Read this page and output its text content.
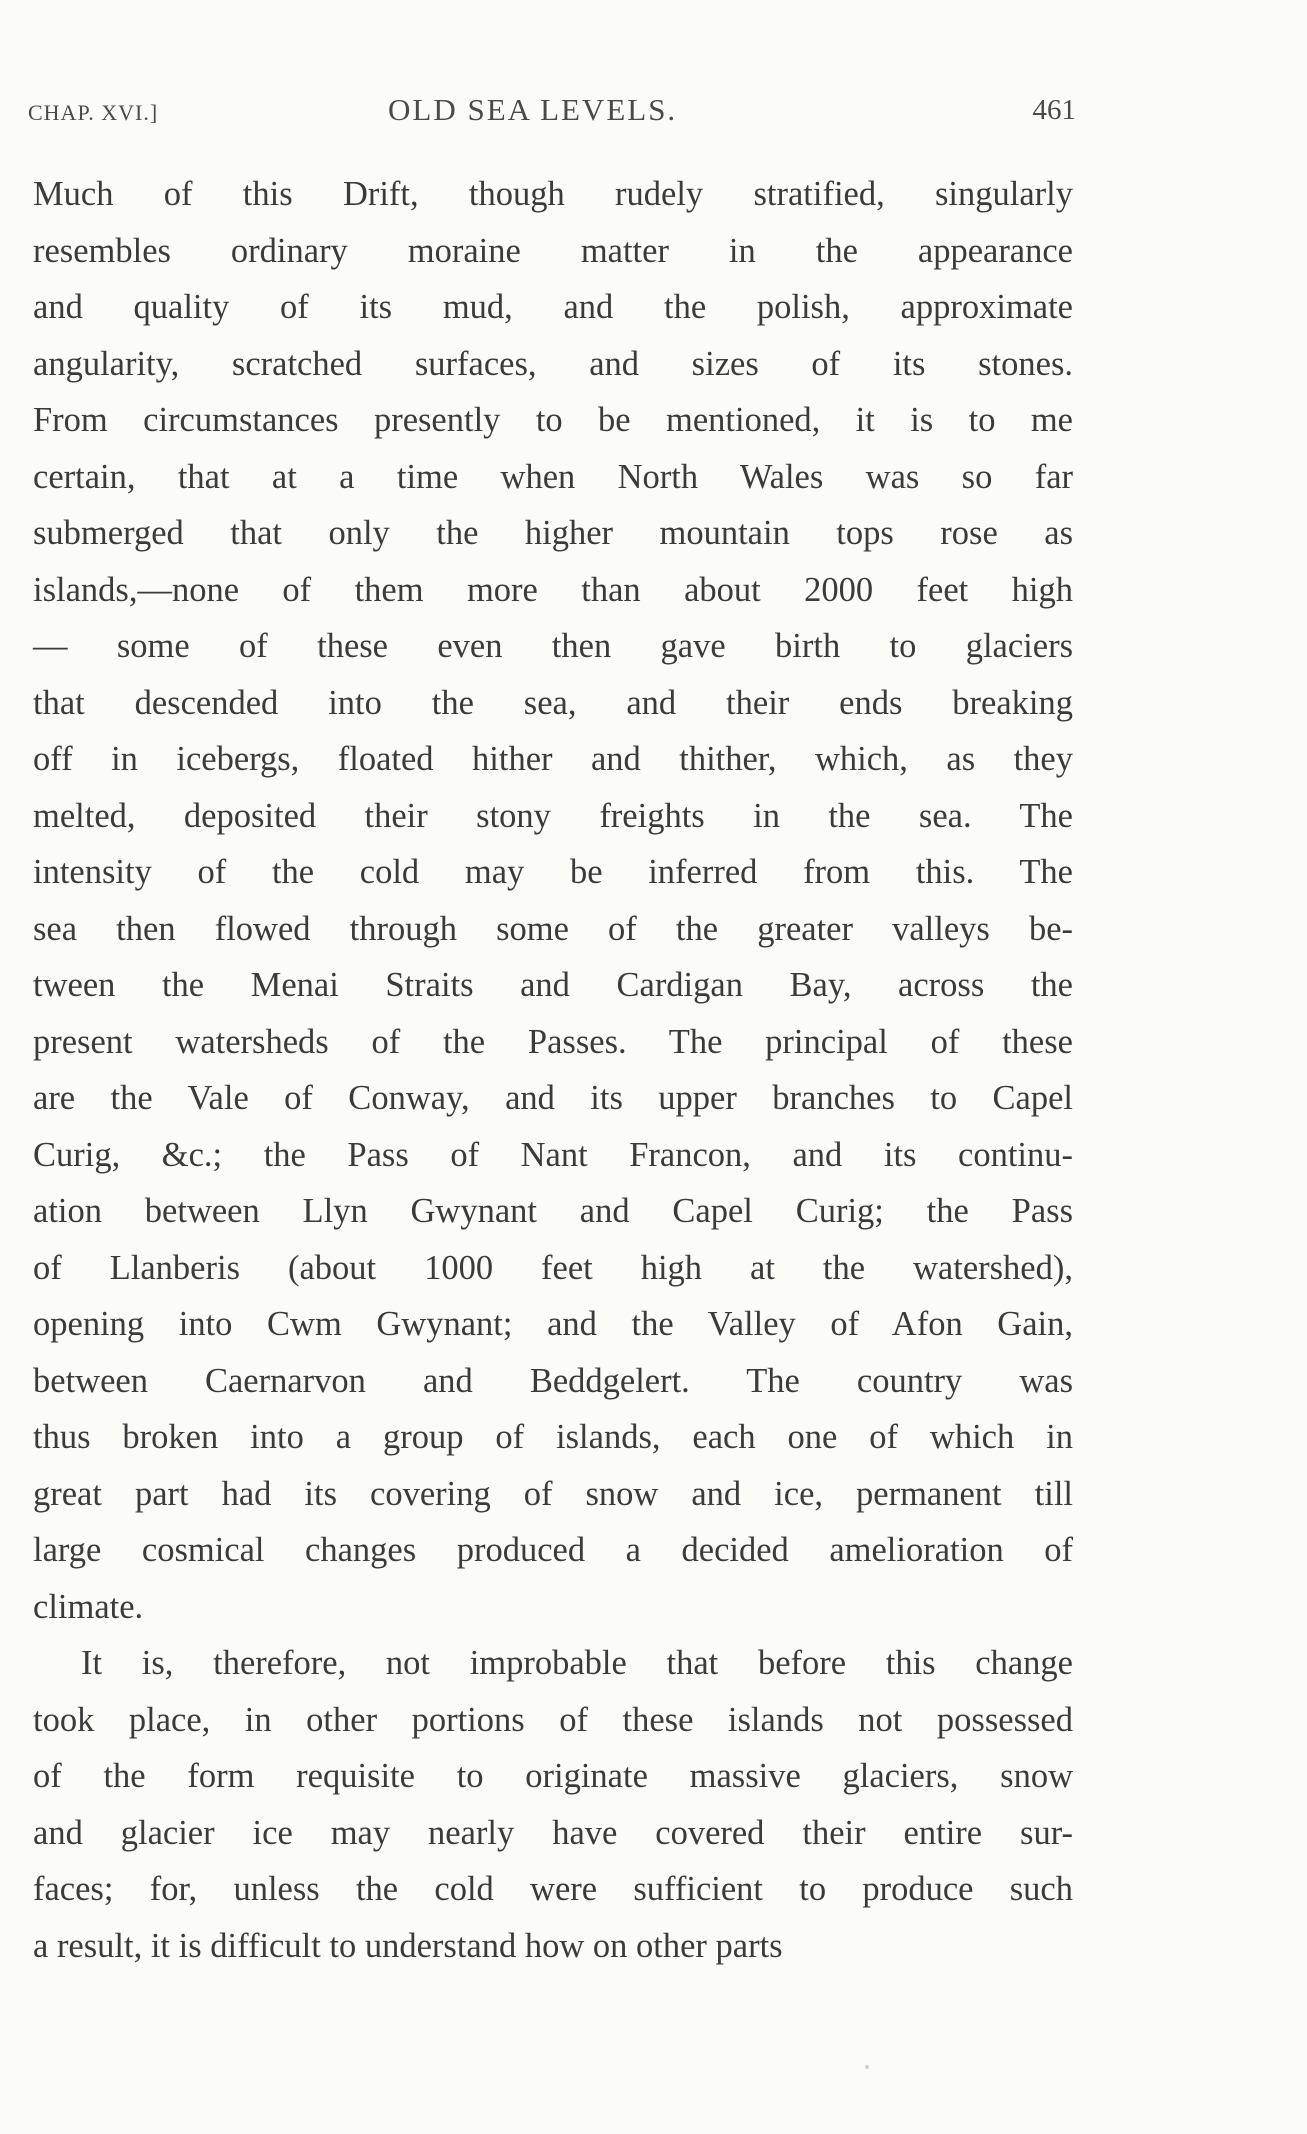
CHAP. XVI.]	OLD SEA LEVELS.	461
Much of this Drift, though rudely stratified, singularly
resembles ordinary moraine matter in the appearance
and quality of its mud, and the polish, approximate
angularity, scratched surfaces, and sizes of its stones.
From circumstances presently to be mentioned, it is to me
certain, that at a time when North Wales was so far
submerged that only the higher mountain tops rose as
islands,—none of them more than about 2000 feet high
— some of these even then gave birth to glaciers
that descended into the sea, and their ends breaking
off in icebergs, floated hither and thither, which, as they
melted, deposited their stony freights in the sea. The
intensity of the cold may be inferred from this. The
sea then flowed through some of the greater valleys be-
tween the Menai Straits and Cardigan Bay, across the
present watersheds of the Passes. The principal of these
are the Vale of Conway, and its upper branches to Capel
Curig, &c.; the Pass of Nant Francon, and its continu-
ation between Llyn Gwynant and Capel Curig; the Pass
of Llanberis (about 1000 feet high at the watershed),
opening into Cwm Gwynant; and the Valley of Afon Gain,
between Caernarvon and Beddgelert. The country was
thus broken into a group of islands, each one of which in
great part had its covering of snow and ice, permanent till
large cosmical changes produced a decided amelioration of
climate.
It is, therefore, not improbable that before this change
took place, in other portions of these islands not possessed
of the form requisite to originate massive glaciers, snow
and glacier ice may nearly have covered their entire sur-
faces; for, unless the cold were sufficient to produce such
a result, it is difficult to understand how on other parts
